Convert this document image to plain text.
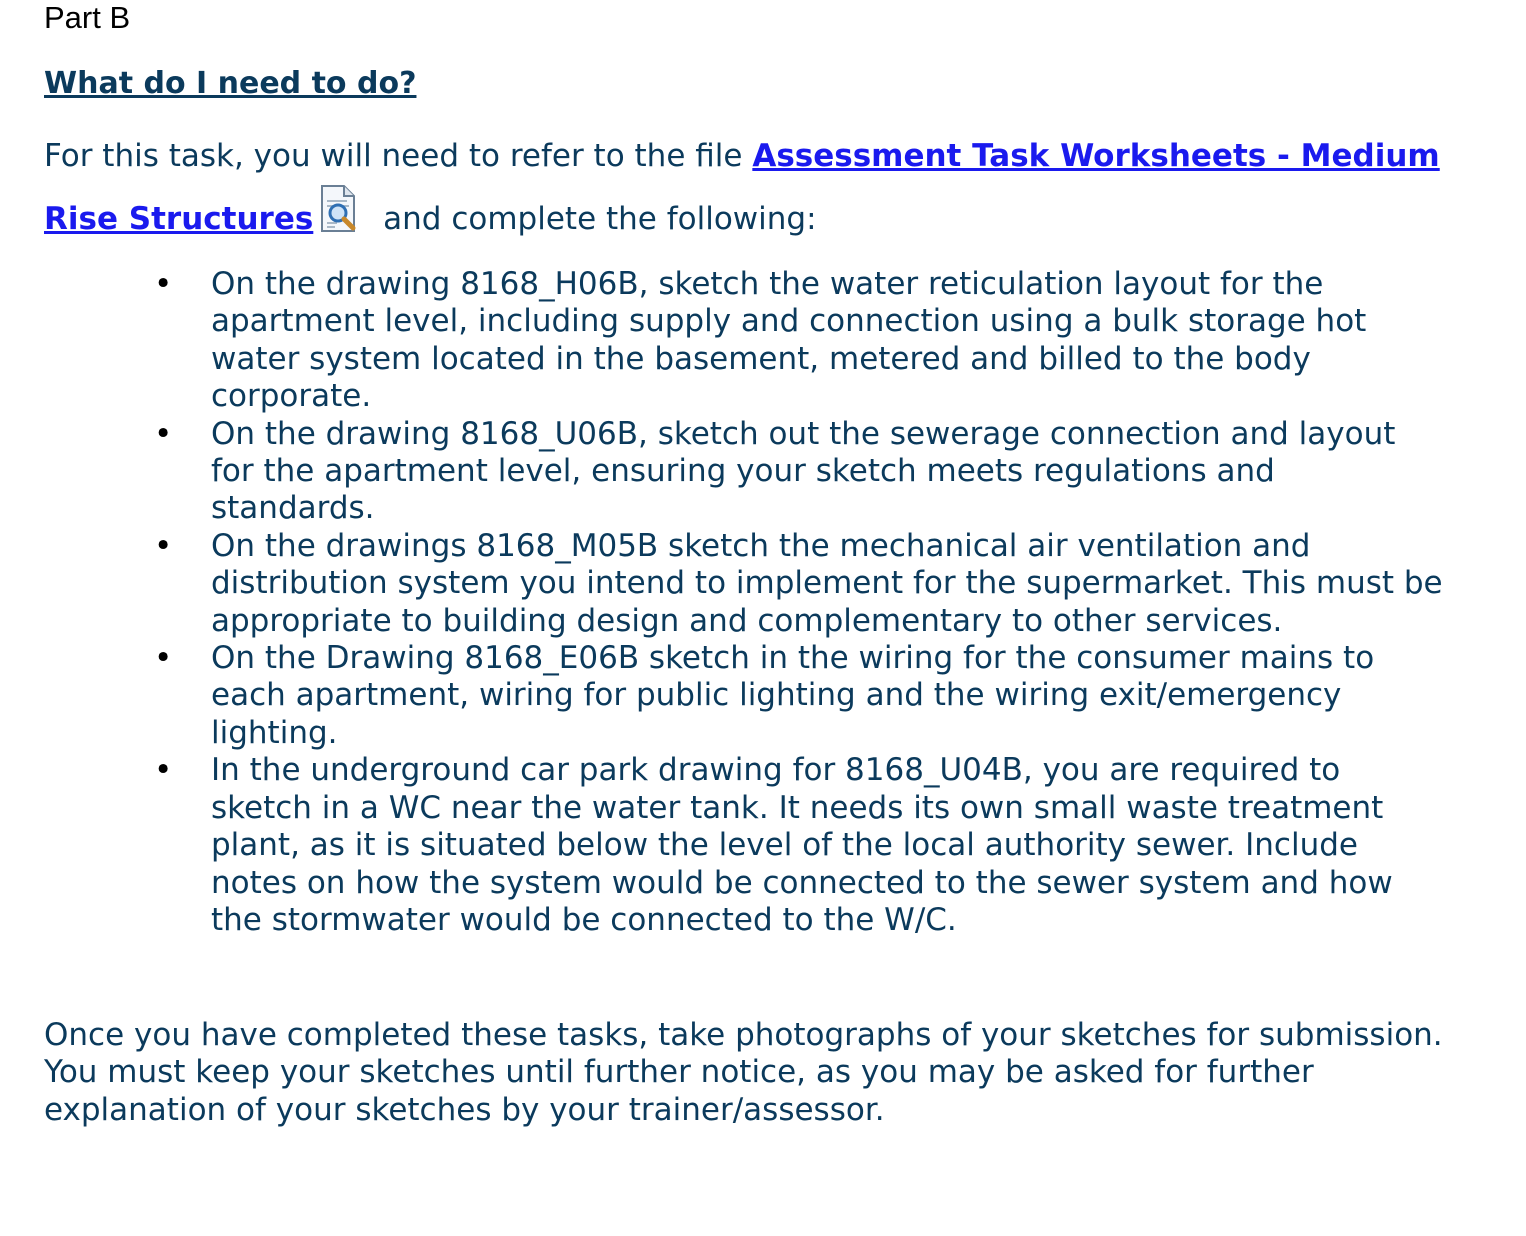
Part B
What do I need to do?
For this task, you will need to refer to the file Assessment Task Worksheets - Medium Rise Structures and complete the following:
• On the drawing 8168_H06B, sketch the water reticulation layout for the apartment level, including supply and connection using a bulk storage hot water system located in the basement, metered and billed to the body corporate.
• On the drawing 8168_U06B, sketch out the sewerage connection and layout for the apartment level, ensuring your sketch meets regulations and standards.
• On the drawings 8168_M05B sketch the mechanical air ventilation and distribution system you intend to implement for the supermarket. This must be appropriate to building design and complementary to other services.
• On the Drawing 8168_E06B sketch in the wiring for the consumer mains to each apartment, wiring for public lighting and the wiring exit/emergency lighting.
• In the underground car park drawing for 8168_U04B, you are required to sketch in a WC near the water tank. It needs its own small waste treatment plant, as it is situated below the level of the local authority sewer. Include notes on how the system would be connected to the sewer system and how the stormwater would be connected to the W/C.
Once you have completed these tasks, take photographs of your sketches for submission. You must keep your sketches until further notice, as you may be asked for further explanation of your sketches by your trainer/assessor.
